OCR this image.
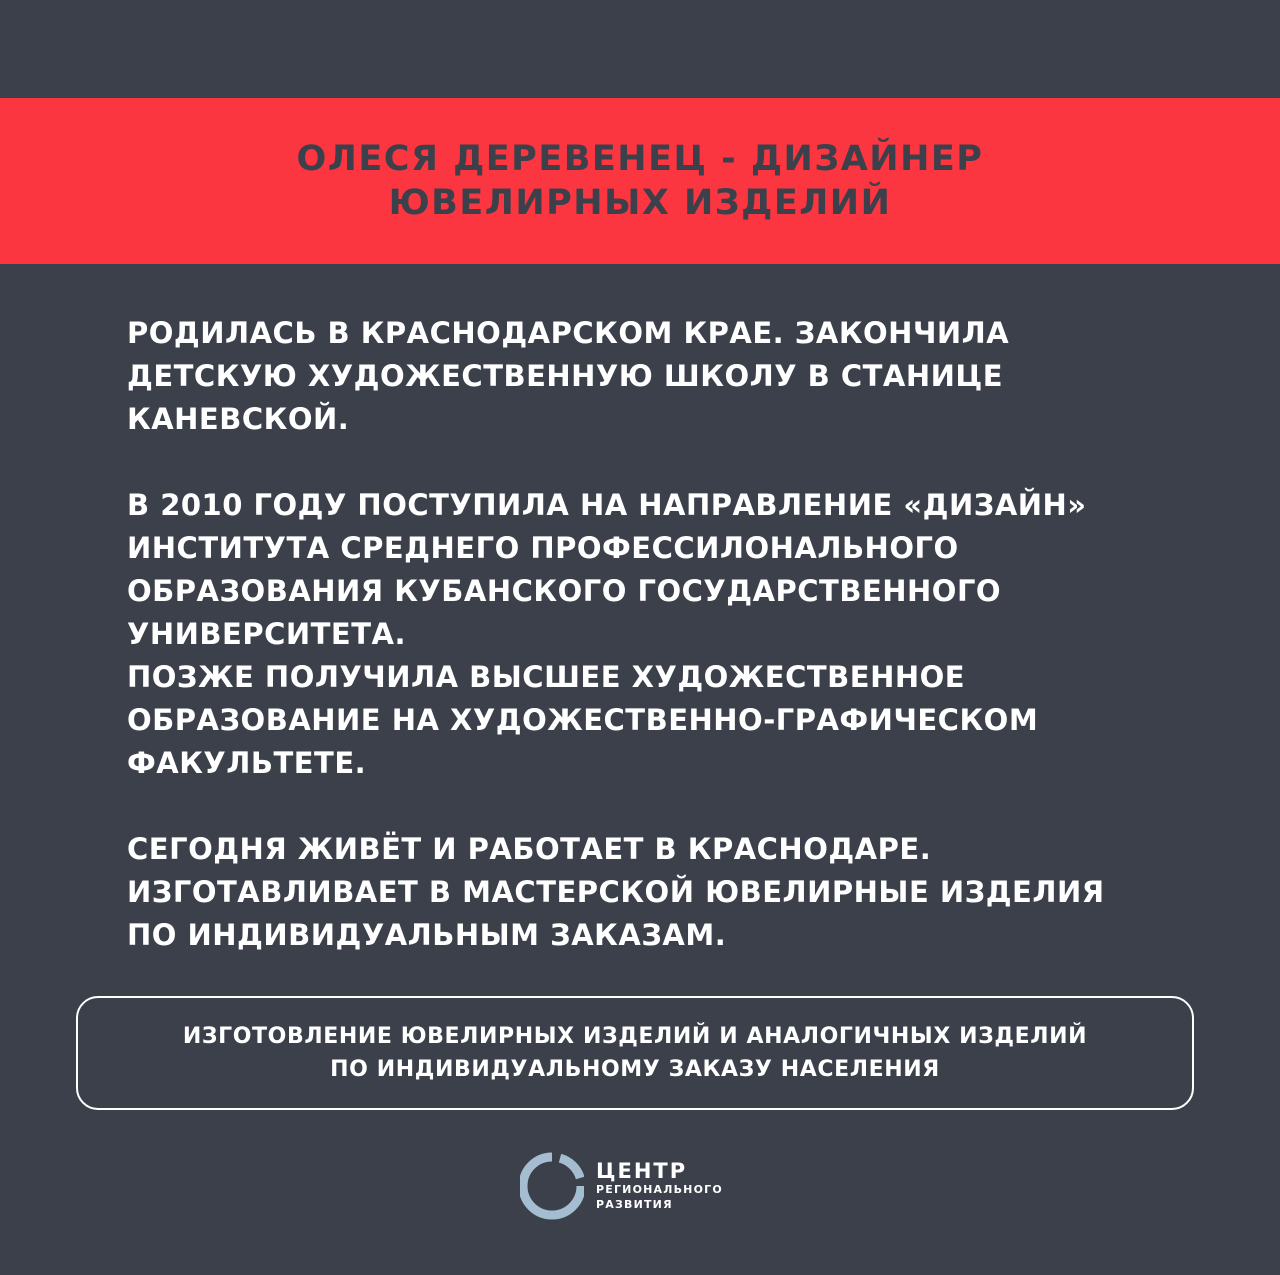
ОЛЕСЯ ДЕРЕВЕНЕЦ - ДИЗАЙНЕР
ЮВЕЛИРНЫХ ИЗДЕЛИЙ
РОДИЛАСЬ В КРАСНОДАРСКОМ КРАЕ. ЗАКОНЧИЛА
ДЕТСКУЮ ХУДОЖЕСТВЕННУЮ ШКОЛУ В СТАНИЦЕ
КАНЕВСКОЙ.
В 2010 ГОДУ ПОСТУПИЛА НА НАПРАВЛЕНИЕ «ДИЗАЙН»
ИНСТИТУТА СРЕДНЕГО ПРОФЕССИЛОНАЛЬНОГО
ОБРАЗОВАНИЯ КУБАНСКОГО ГОСУДАРСТВЕННОГО
УНИВЕРСИТЕТА.
ПОЗЖЕ ПОЛУЧИЛА ВЫСШЕЕ ХУДОЖЕСТВЕННОЕ
ОБРАЗОВАНИЕ НА ХУДОЖЕСТВЕННО-ГРАФИЧЕСКОМ
ФАКУЛЬТЕТЕ.
СЕГОДНЯ ЖИВЁТ И РАБОТАЕТ В КРАСНОДАРЕ.
ИЗГОТАВЛИВАЕТ В МАСТЕРСКОЙ ЮВЕЛИРНЫЕ ИЗДЕЛИЯ
ПО ИНДИВИДУАЛЬНЫМ ЗАКАЗАМ.
ИЗГОТОВЛЕНИЕ ЮВЕЛИРНЫХ ИЗДЕЛИЙ И АНАЛОГИЧНЫХ ИЗДЕЛИЙ
ПО ИНДИВИДУАЛЬНОМУ ЗАКАЗУ НАСЕЛЕНИЯ
ЦЕНТР
РЕГИОНАЛЬНОГО
РАЗВИТИЯ
